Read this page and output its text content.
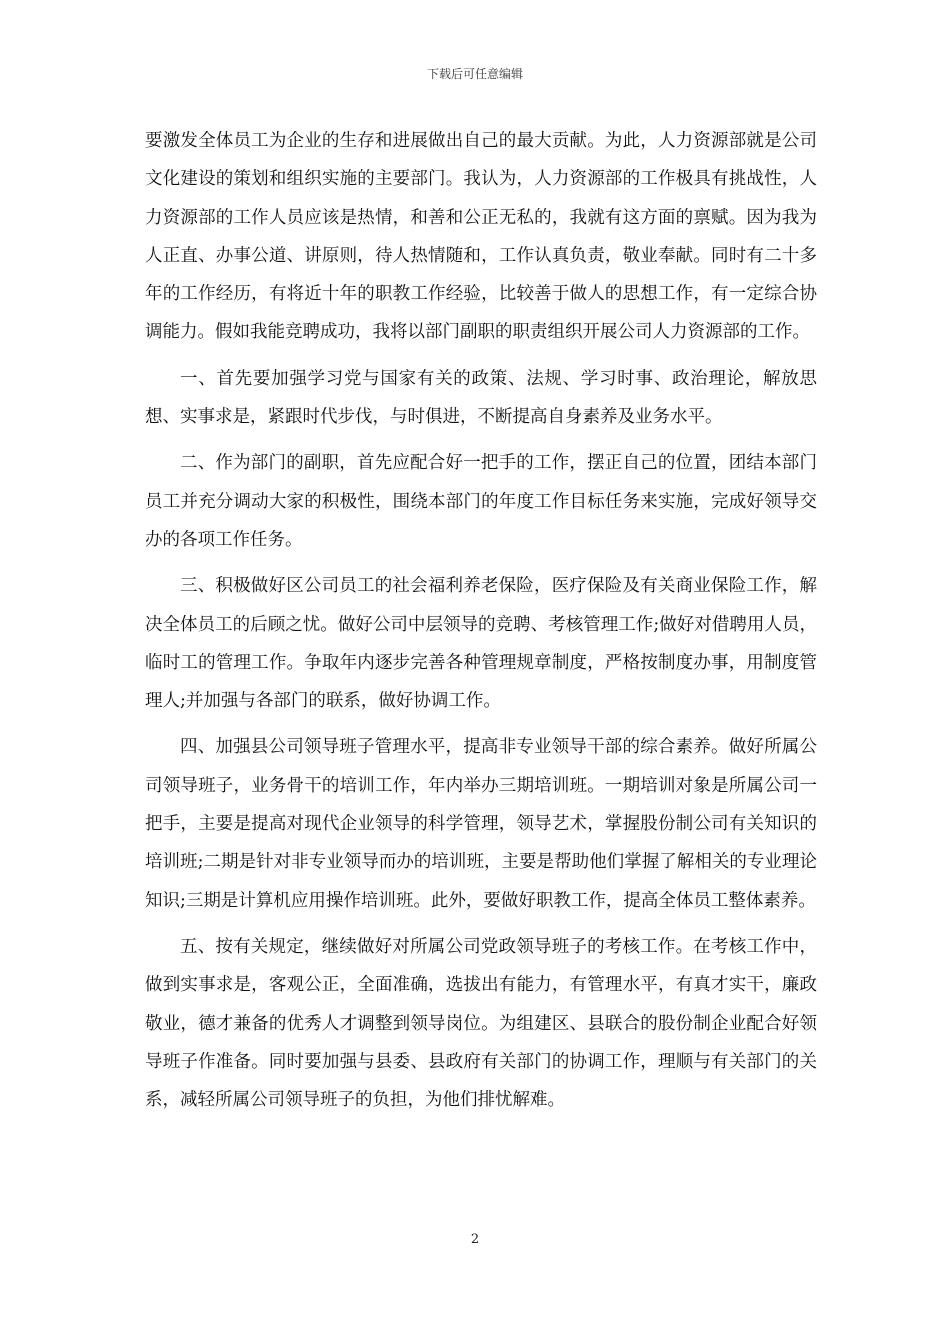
下载后可任意编辑

要激发全体员工为企业的生存和进展做出自己的最大贡献。为此，人力资源部就是公司文化建设的策划和组织实施的主要部门。我认为，人力资源部的工作极具有挑战性，人力资源部的工作人员应该是热情，和善和公正无私的，我就有这方面的禀赋。因为我为人正直、办事公道、讲原则，待人热情随和，工作认真负责，敬业奉献。同时有二十多年的工作经历，有将近十年的职教工作经验，比较善于做人的思想工作，有一定综合协调能力。假如我能竞聘成功，我将以部门副职的职责组织开展公司人力资源部的工作。

一、首先要加强学习党与国家有关的政策、法规、学习时事、政治理论，解放思想、实事求是，紧跟时代步伐，与时俱进，不断提高自身素养及业务水平。

二、作为部门的副职，首先应配合好一把手的工作，摆正自己的位置，团结本部门员工并充分调动大家的积极性，围绕本部门的年度工作目标任务来实施，完成好领导交办的各项工作任务。

三、积极做好区公司员工的社会福利养老保险，医疗保险及有关商业保险工作，解决全体员工的后顾之忧。做好公司中层领导的竞聘、考核管理工作;做好对借聘用人员，临时工的管理工作。争取年内逐步完善各种管理规章制度，严格按制度办事，用制度管理人;并加强与各部门的联系，做好协调工作。

四、加强县公司领导班子管理水平，提高非专业领导干部的综合素养。做好所属公司领导班子，业务骨干的培训工作，年内举办三期培训班。一期培训对象是所属公司一把手，主要是提高对现代企业领导的科学管理，领导艺术，掌握股份制公司有关知识的培训班;二期是针对非专业领导而办的培训班，主要是帮助他们掌握了解相关的专业理论知识;三期是计算机应用操作培训班。此外，要做好职教工作，提高全体员工整体素养。

五、按有关规定，继续做好对所属公司党政领导班子的考核工作。在考核工作中，做到实事求是，客观公正，全面准确，选拔出有能力，有管理水平，有真才实干，廉政敬业，德才兼备的优秀人才调整到领导岗位。为组建区、县联合的股份制企业配合好领导班子作准备。同时要加强与县委、县政府有关部门的协调工作，理顺与有关部门的关系，减轻所属公司领导班子的负担，为他们排忧解难。

2
